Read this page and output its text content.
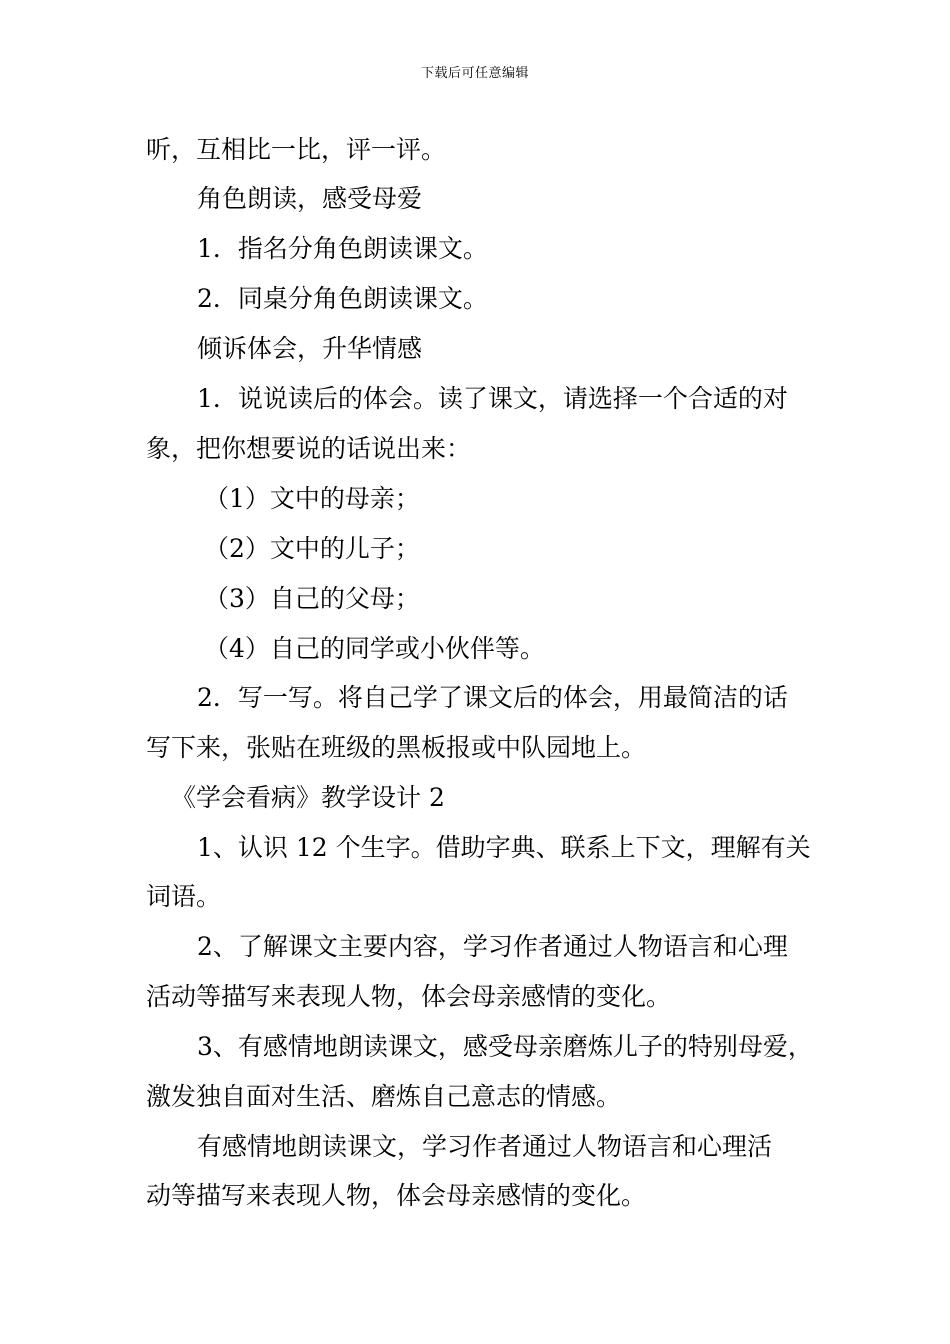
下载后可任意编辑
听，互相比一比，评一评。
角色朗读，感受母爱
1．指名分角色朗读课文。
2．同桌分角色朗读课文。
倾诉体会，升华情感
1．说说读后的体会。读了课文，请选择一个合适的对
象，把你想要说的话说出来：
（1）文中的母亲；
（2）文中的儿子；
（3）自己的父母；
（4）自己的同学或小伙伴等。
2．写一写。将自己学了课文后的体会，用最简洁的话
写下来，张贴在班级的黑板报或中队园地上。
《学会看病》教学设计 2
1、认识 12 个生字。借助字典、联系上下文，理解有关
词语。
2、了解课文主要内容，学习作者通过人物语言和心理
活动等描写来表现人物，体会母亲感情的变化。
3、有感情地朗读课文，感受母亲磨炼儿子的特别母爱，
激发独自面对生活、磨炼自己意志的情感。
有感情地朗读课文，学习作者通过人物语言和心理活
动等描写来表现人物，体会母亲感情的变化。
